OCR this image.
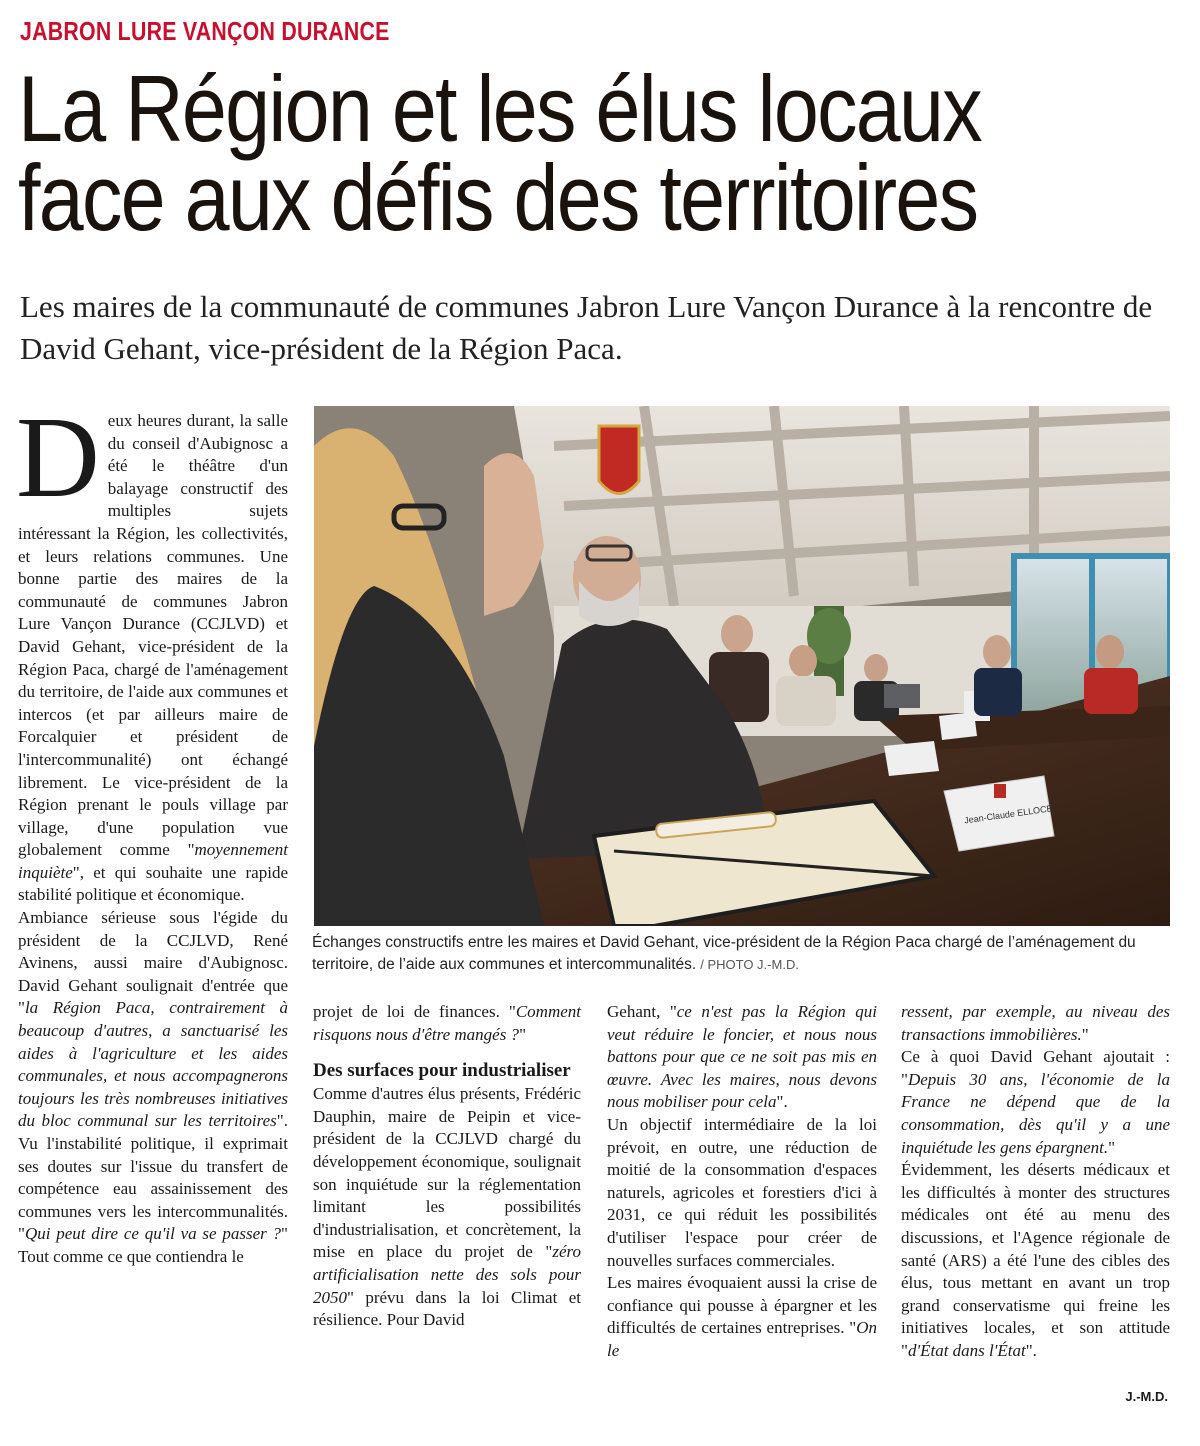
JABRON LURE VANÇON DURANCE
La Région et les élus locaux
face aux défis des territoires

Les maires de la communauté de communes Jabron Lure Vançon Durance à la rencontre de David Gehant, vice-président de la Région Paca.

Jean-Claude ELLOCE
Échanges constructifs entre les maires et David Gehant, vice-président de la Région Paca chargé de l’aménagement du territoire, de l’aide aux communes et intercommunalités. / PHOTO J.-M.D.

Deux heures durant, la salle du conseil d'Aubignosc a été le théâtre d'un balayage constructif des multiples sujets intéressant la Région, les collectivités, et leurs relations communes. Une bonne partie des maires de la communauté de communes Jabron Lure Vançon Durance (CCJLVD) et David Gehant, vice-président de la Région Paca, chargé de l'aménagement du territoire, de l'aide aux communes et intercos (et par ailleurs maire de Forcalquier et président de l'intercommunalité) ont échangé librement. Le vice-président de la Région prenant le pouls village par village, d'une population vue globalement comme "moyennement inquiète", et qui souhaite une rapide stabilité politique et économique.

Ambiance sérieuse sous l'égide du président de la CCJLVD, René Avinens, aussi maire d'Aubignosc. David Gehant soulignait d'entrée que "la Région Paca, contrairement à beaucoup d'autres, a sanctuarisé les aides à l'agriculture et les aides communales, et nous accompagnerons toujours les très nombreuses initiatives du bloc communal sur les territoires". Vu l'instabilité politique, il exprimait ses doutes sur l'issue du transfert de compétence eau assainissement des communes vers les intercommunalités. "Qui peut dire ce qu'il va se passer ?" Tout comme ce que contiendra le

projet de loi de finances. "Comment risquons nous d'être mangés ?"

Des surfaces pour industrialiser

Comme d'autres élus présents, Frédéric Dauphin, maire de Peipin et vice-président de la CCJLVD chargé du développement économique, soulignait son inquiétude sur la réglementation limitant les possibilités d'industrialisation, et concrètement, la mise en place du projet de "zéro artificialisation nette des sols pour 2050" prévu dans la loi Climat et résilience. Pour David

Gehant, "ce n'est pas la Région qui veut réduire le foncier, et nous nous battons pour que ce ne soit pas mis en œuvre. Avec les maires, nous devons nous mobiliser pour cela".

Un objectif intermédiaire de la loi prévoit, en outre, une réduction de moitié de la consommation d'espaces naturels, agricoles et forestiers d'ici à 2031, ce qui réduit les possibilités d'utiliser l'espace pour créer de nouvelles surfaces commerciales.

Les maires évoquaient aussi la crise de confiance qui pousse à épargner et les difficultés de certaines entreprises. "On le

ressent, par exemple, au niveau des transactions immobilières."

Ce à quoi David Gehant ajoutait : "Depuis 30 ans, l'économie de la France ne dépend que de la consommation, dès qu'il y a une inquiétude les gens épargnent."

Évidemment, les déserts médicaux et les difficultés à monter des structures médicales ont été au menu des discussions, et l'Agence régionale de santé (ARS) a été l'une des cibles des élus, tous mettant en avant un trop grand conservatisme qui freine les initiatives locales, et son attitude "d'État dans l'État".

J.-M.D.
